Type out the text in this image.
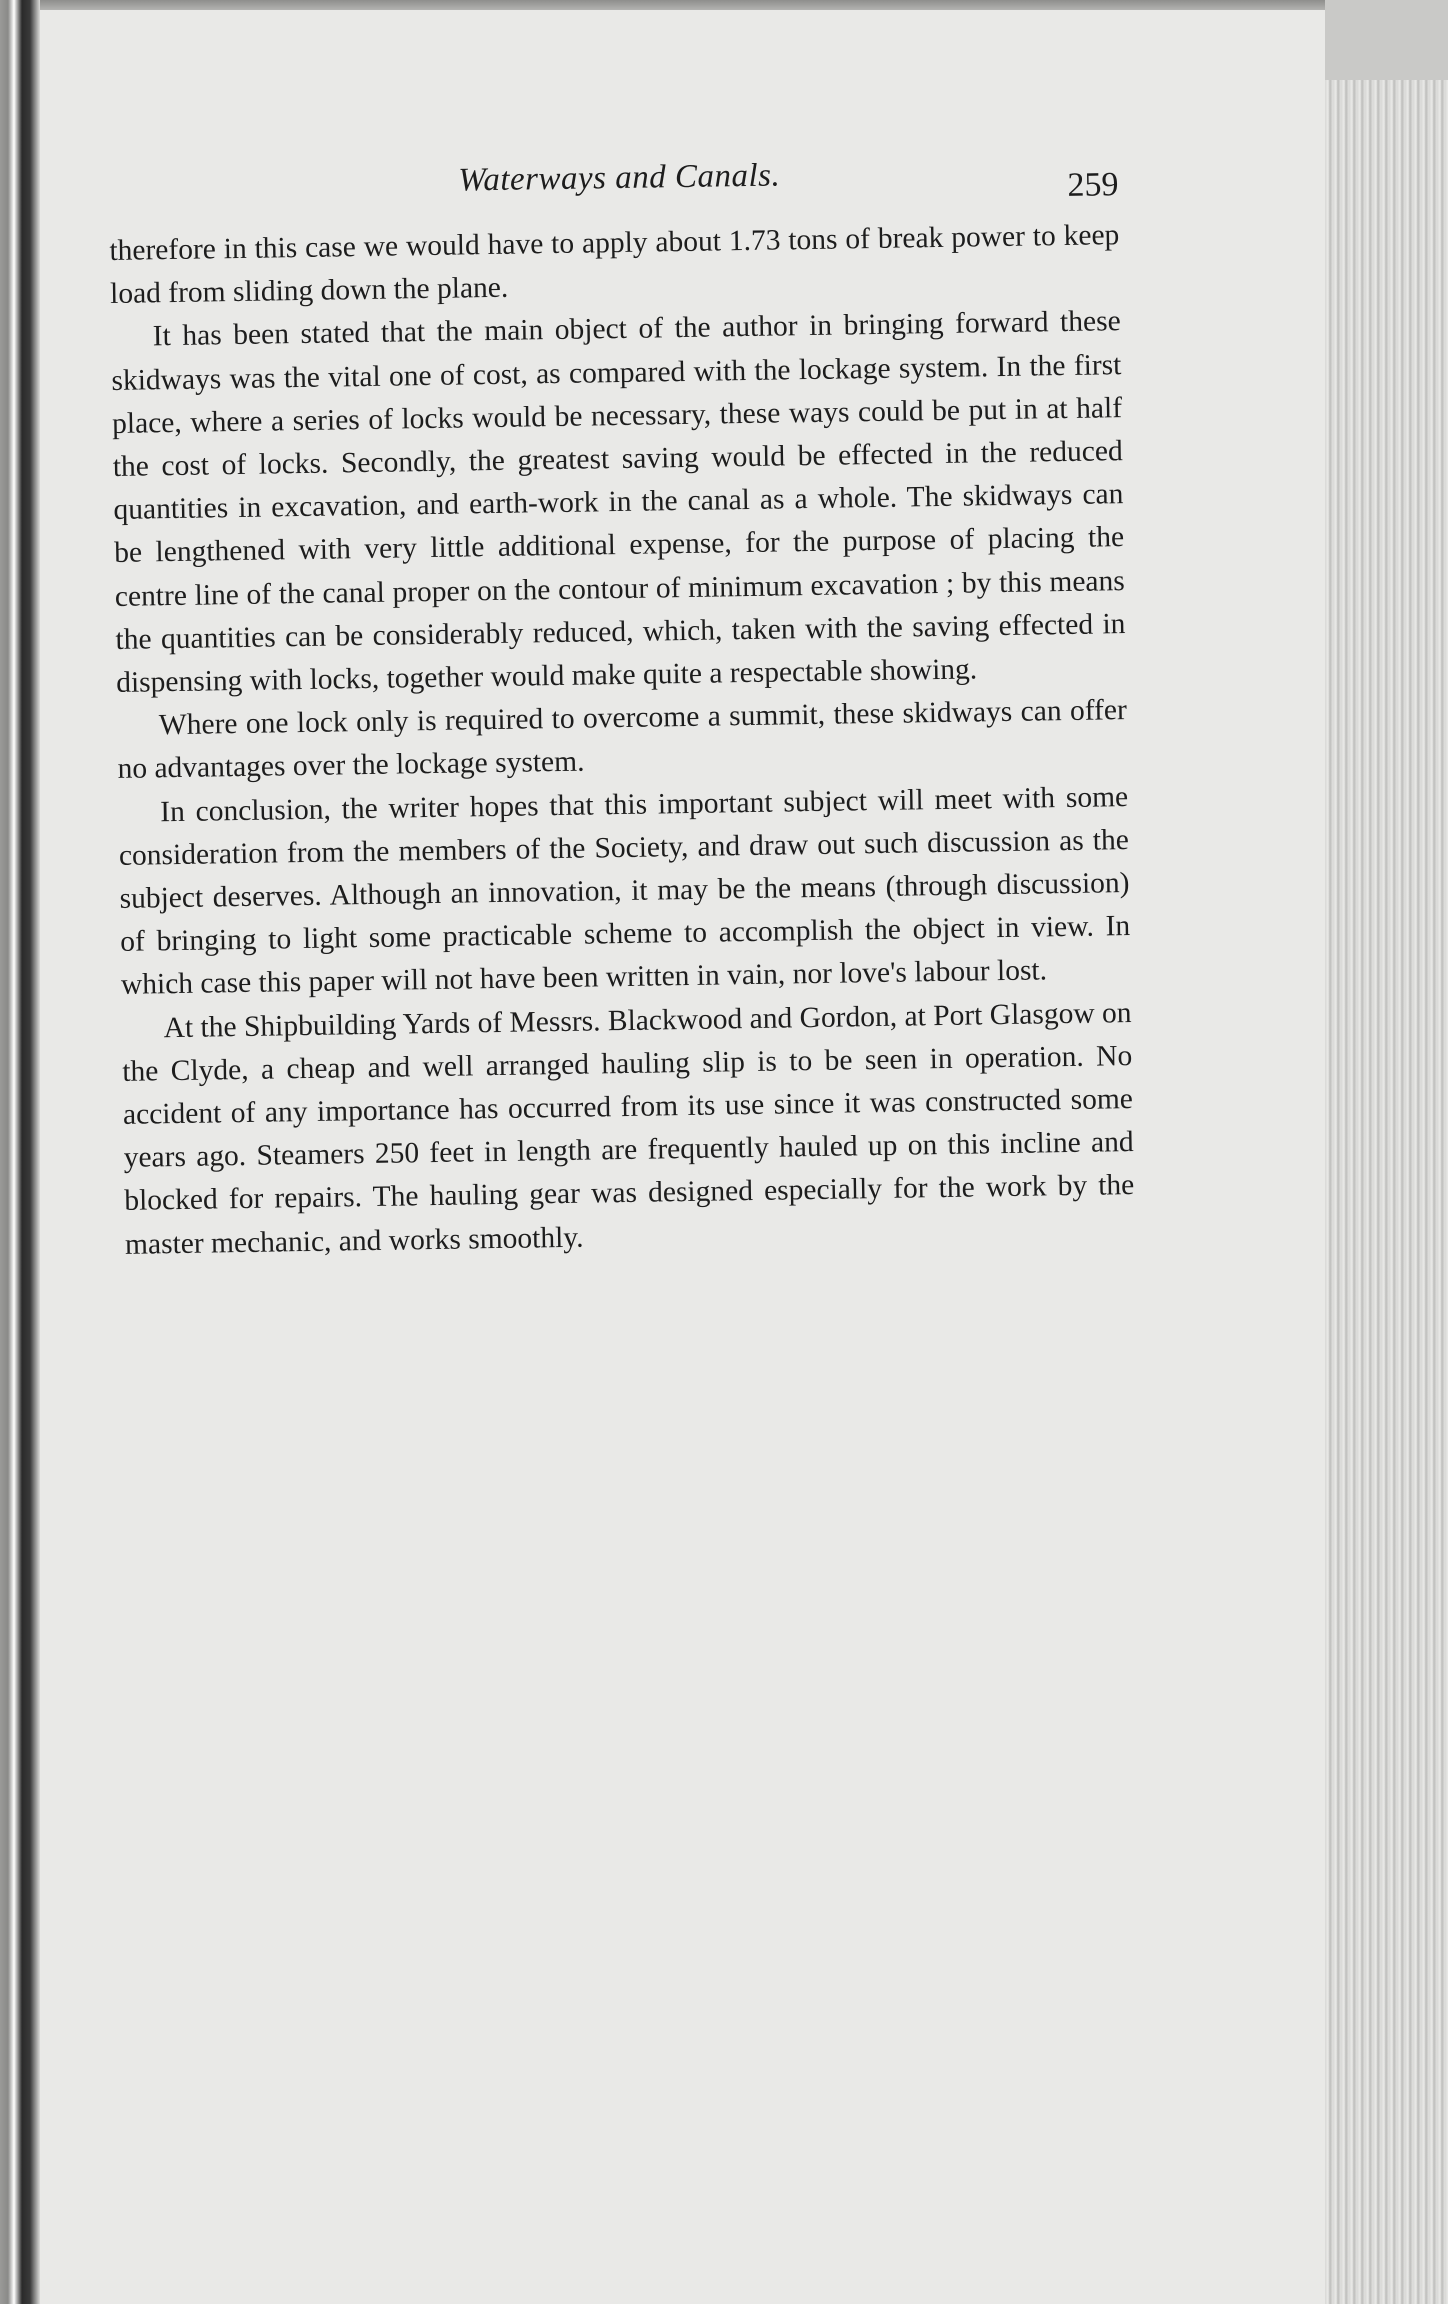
Waterways and Canals.	259

therefore in this case we would have to apply about 1.73 tons of break power to keep load from sliding down the plane.

It has been stated that the main object of the author in bringing forward these skidways was the vital one of cost, as compared with the lockage system. In the first place, where a series of locks would be necessary, these ways could be put in at half the cost of locks. Secondly, the greatest saving would be effected in the reduced quantities in excavation, and earth-work in the canal as a whole. The skidways can be lengthened with very little additional expense, for the purpose of placing the centre line of the canal proper on the contour of minimum excavation ; by this means the quantities can be considerably reduced, which, taken with the saving effected in dispensing with locks, together would make quite a respectable showing.

Where one lock only is required to overcome a summit, these skidways can offer no advantages over the lockage system.

In conclusion, the writer hopes that this important subject will meet with some consideration from the members of the Society, and draw out such discussion as the subject deserves. Although an innovation, it may be the means (through discussion) of bringing to light some practicable scheme to accomplish the object in view. In which case this paper will not have been written in vain, nor love's labour lost.

At the Shipbuilding Yards of Messrs. Blackwood and Gordon, at Port Glasgow on the Clyde, a cheap and well arranged hauling slip is to be seen in operation. No accident of any importance has occurred from its use since it was constructed some years ago. Steamers 250 feet in length are frequently hauled up on this incline and blocked for repairs. The hauling gear was designed especially for the work by the master mechanic, and works smoothly.
